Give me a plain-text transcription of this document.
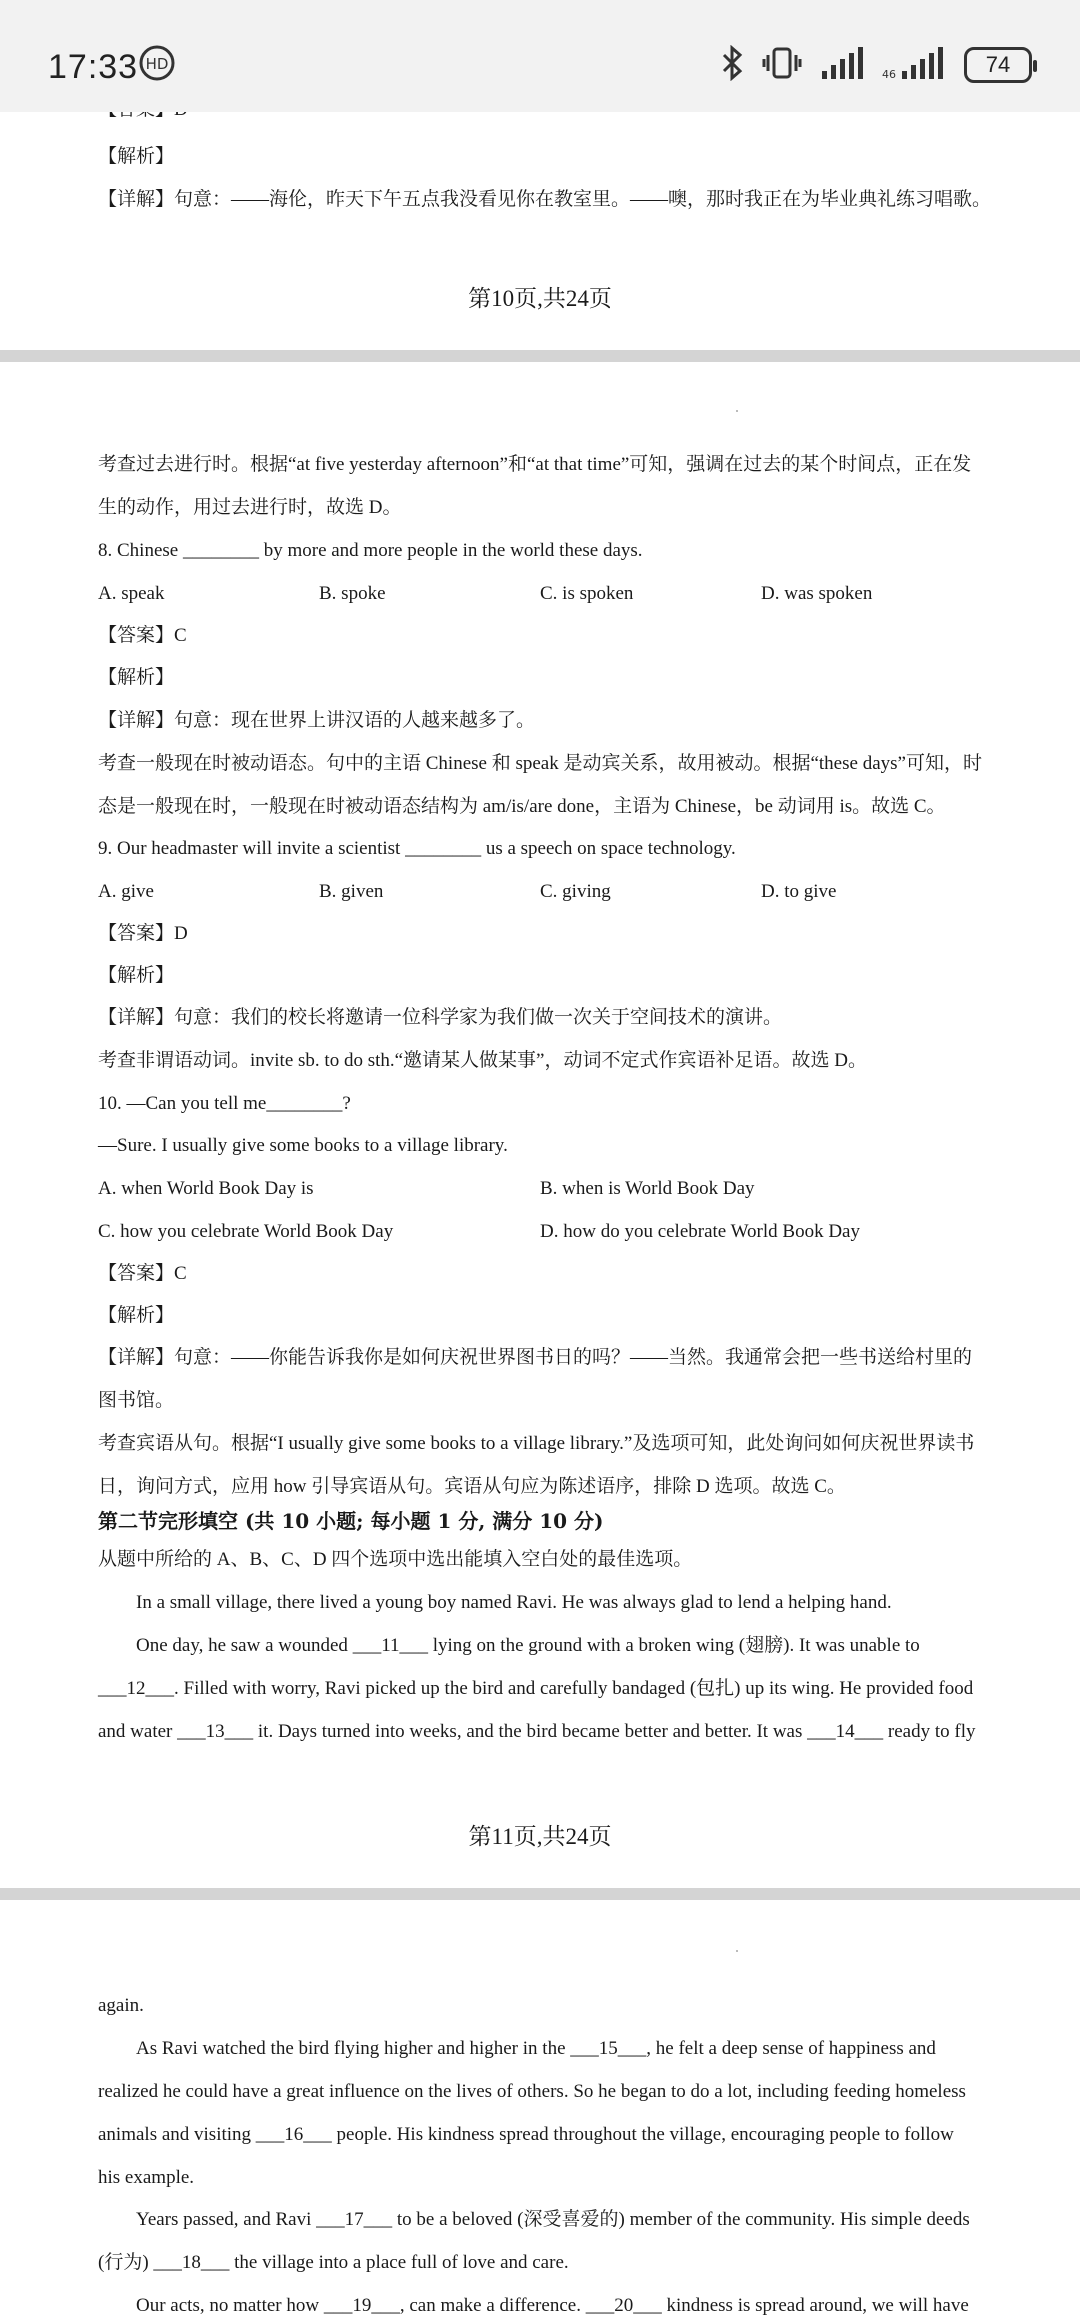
17:33 HD
46	74
【解析】
【详解】句意：——海伦，昨天下午五点我没看见你在教室里。——噢，那时我正在为毕业典礼练习唱歌。
第10页,共24页
考查过去进行时。根据“at five yesterday afternoon”和“at that time”可知，强调在过去的某个时间点，正在发
生的动作，用过去进行时，故选 D。
8. Chinese ________ by more and more people in the world these days.
A. speak	B. spoke	C. is spoken	D. was spoken
【答案】C
【解析】
【详解】句意：现在世界上讲汉语的人越来越多了。
考查一般现在时被动语态。句中的主语 Chinese 和 speak 是动宾关系，故用被动。根据“these days”可知，时
态是一般现在时，一般现在时被动语态结构为 am/is/are done，主语为 Chinese，be 动词用 is。故选 C。
9. Our headmaster will invite a scientist ________ us a speech on space technology.
A. give	B. given	C. giving	D. to give
【答案】D
【解析】
【详解】句意：我们的校长将邀请一位科学家为我们做一次关于空间技术的演讲。
考查非谓语动词。invite sb. to do sth.“邀请某人做某事”，动词不定式作宾语补足语。故选 D。
10. —Can you tell me________?
—Sure. I usually give some books to a village library.
A. when World Book Day is	B. when is World Book Day
C. how you celebrate World Book Day	D. how do you celebrate World Book Day
【答案】C
【解析】
【详解】句意：——你能告诉我你是如何庆祝世界图书日的吗？——当然。我通常会把一些书送给村里的
图书馆。
考查宾语从句。根据“I usually give some books to a village library.”及选项可知，此处询问如何庆祝世界读书
日，询问方式，应用 how 引导宾语从句。宾语从句应为陈述语序，排除 D 选项。故选 C。
第二节完形填空 (共 10 小题; 每小题 1 分, 满分 10 分)
从题中所给的 A、B、C、D 四个选项中选出能填入空白处的最佳选项。
In a small village, there lived a young boy named Ravi. He was always glad to lend a helping hand.
One day, he saw a wounded ___11___ lying on the ground with a broken wing (翅膀). It was unable to
___12___. Filled with worry, Ravi picked up the bird and carefully bandaged (包扎) up its wing. He provided food
and water ___13___ it. Days turned into weeks, and the bird became better and better. It was ___14___ ready to fly
第11页,共24页
again.
As Ravi watched the bird flying higher and higher in the ___15___, he felt a deep sense of happiness and
realized he could have a great influence on the lives of others. So he began to do a lot, including feeding homeless
animals and visiting ___16___ people. His kindness spread throughout the village, encouraging people to follow
his example.
Years passed, and Ravi ___17___ to be a beloved (深受喜爱的) member of the community. His simple deeds
(行为) ___18___ the village into a place full of love and care.
Our acts, no matter how ___19___, can make a difference. ___20___ kindness is spread around, we will have
